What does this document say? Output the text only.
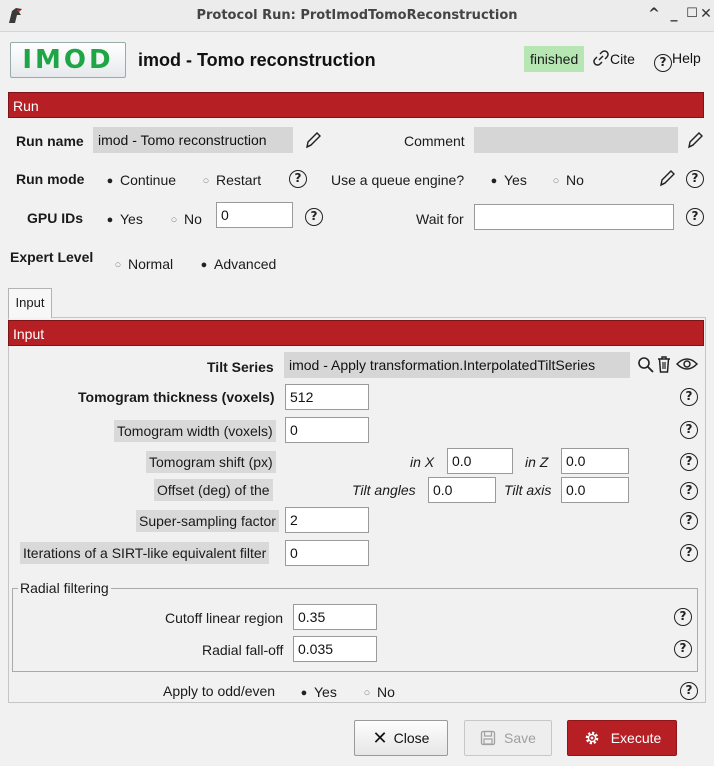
Protocol Run: ProtImodTomoReconstruction	^ _ ☐ ✕
IMOD	imod - Tomo reconstruction	finished	Cite	? Help
Run
Run name	imod - Tomo reconstruction	Comment
Run mode ● Continue ○ Restart	?	Use a queue engine? ● Yes ○ No	?
GPU IDs ● Yes	○ No	0	?	Wait for	?
Expert Level ○ Normal	● Advanced
Input
Input
Tilt Series	imod - Apply transformation.InterpolatedTiltSeries
Tomogram thickness (voxels)	512	?
Tomogram width (voxels)	0	?
Tomogram shift (px)	in X	0.0	in Z	0.0	?
Offset (deg) of the	Tilt angles	0.0	Tilt axis	0.0	?
Super-sampling factor	2	?
Iterations of a SIRT-like equivalent filter	0	?
Radial filtering
Cutoff linear region	0.35	?
Radial fall-off	0.035	?
Apply to odd/even ● Yes ○ No	?
✕ Close	Save	Execute
